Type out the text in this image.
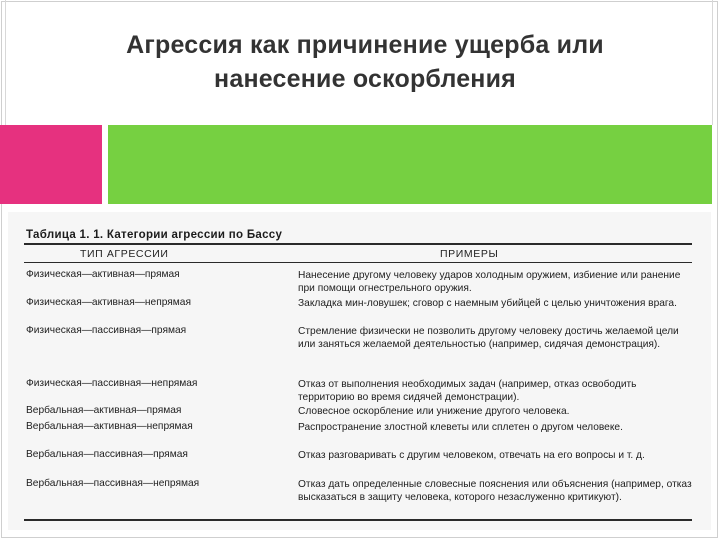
Агрессия как причинение ущерба или
нанесение оскорбления
Таблица 1. 1. Категории агрессии по Бассу
ТИП АГРЕССИИ	ПРИМЕРЫ
Физическая—активная—прямая	Нанесение другому человеку ударов холодным оружием, избиение или ранение при помощи огнестрельного оружия.
Физическая—активная—непрямая	Закладка мин-ловушек; сговор с наемным убийцей с целью уничтожения врага.
Физическая—пассивная—прямая	Стремление физически не позволить другому человеку достичь желаемой цели или заняться желаемой деятельностью (например, сидячая демонстрация).
Физическая—пассивная—непрямая	Отказ от выполнения необходимых задач (например, отказ освободить территорию во время сидячей демонстрации).
Вербальная—активная—прямая	Словесное оскорбление или унижение другого человека.
Вербальная—активная—непрямая	Распространение злостной клеветы или сплетен о другом человеке.
Вербальная—пассивная—прямая	Отказ разговаривать с другим человеком, отвечать на его вопросы и т. д.
Вербальная—пассивная—непрямая	Отказ дать определенные словесные пояснения или объяснения (например, отказ высказаться в защиту человека, которого незаслуженно критикуют).
